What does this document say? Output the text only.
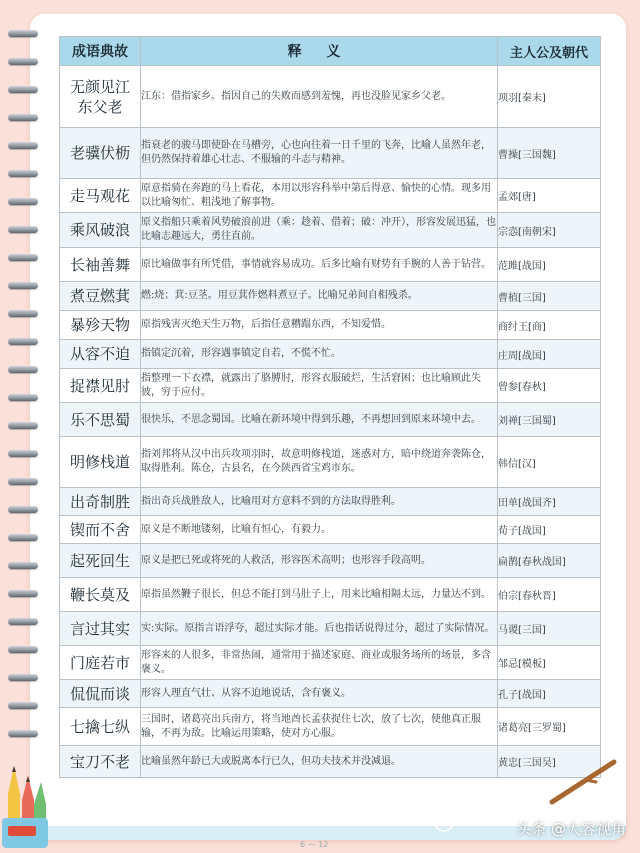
成语典故	释 义	主人公及朝代
无颜见江东父老	江东：借指家乡。指因自己的失败而感到羞愧，再也没脸见家乡父老。	项羽[秦末]
老骥伏枥	指衰老的骏马即使卧在马槽旁，心也向往着一日千里的飞奔，比喻人虽然年老，但仍然保持着雄心壮志、不服输的斗志与精神。	曹操[三国魏]
走马观花	原意指骑在奔跑的马上看花，本用以形容科举中第后得意、愉快的心情。现多用以比喻匆忙、粗浅地了解事物。	孟郊[唐]
乘风破浪	原义指船只乘着风势破浪前进（乘：趁着、借着；破：冲开），形容发展迅猛，也比喻志趣远大，勇往直前。	宗悫[南朝宋]
长袖善舞	原比喻做事有所凭借，事情就容易成功。后多比喻有财势有手腕的人善于钻营。	范雎[战国]
煮豆燃萁	燃:烧；萁:豆茎。用豆萁作燃料煮豆子。比喻兄弟间自相残杀。	曹植[三国]
暴殄天物	原指残害灭绝天生万物，后指任意糟蹋东西，不知爱惜。	商纣王[商]
从容不迫	指镇定沉着，形容遇事镇定自若，不慌不忙。	庄周[战国]
捉襟见肘	指整理一下衣襟，就露出了胳膊肘，形容衣服破烂，生活窘困；也比喻顾此失彼，穷于应付。	曾参[春秋]
乐不思蜀	很快乐，不思念蜀国。比喻在新环境中得到乐趣，不再想回到原来环境中去。	刘禅[三国蜀]
明修栈道	指刘邦将从汉中出兵攻项羽时，故意明修栈道，迷惑对方，暗中绕道奔袭陈仓，取得胜利。陈仓，古县名，在今陕西省宝鸡市东。	韩信[汉]
出奇制胜	指出奇兵战胜敌人，比喻用对方意料不到的方法取得胜利。	田单[战国齐]
锲而不舍	原义是不断地镂刻，比喻有恒心，有毅力。	荀子[战国]
起死回生	原义是把已死或将死的人救活，形容医术高明；也形容手段高明。	扁鹊[春秋战国]
鞭长莫及	原指虽然鞭子很长，但总不能打到马肚子上，用来比喻相隔太远，力量达不到。	伯宗[春秋晋]
言过其实	实:实际。原指言语浮夸，超过实际才能。后也指话说得过分，超过了实际情况。	马谡[三国]
门庭若市	形容来的人很多，非常热闹，通常用于描述家庭、商业或服务场所的场景，多含褒义。	邹忌[模板]
侃侃而谈	形容人理直气壮、从容不迫地说话，含有褒义。	孔子[战国]
七擒七纵	三国时，诸葛亮出兵南方，将当地酋长孟获捉住七次，放了七次，使他真正服输，不再为敌。比喻运用策略，使对方心服。	诸葛亮[三罗蜀]
宝刀不老	比喻虽然年龄已大或脱离本行已久，但功夫技术并没减退。	黄忠[三国吴]
6 — 12
头条 @大容视角
